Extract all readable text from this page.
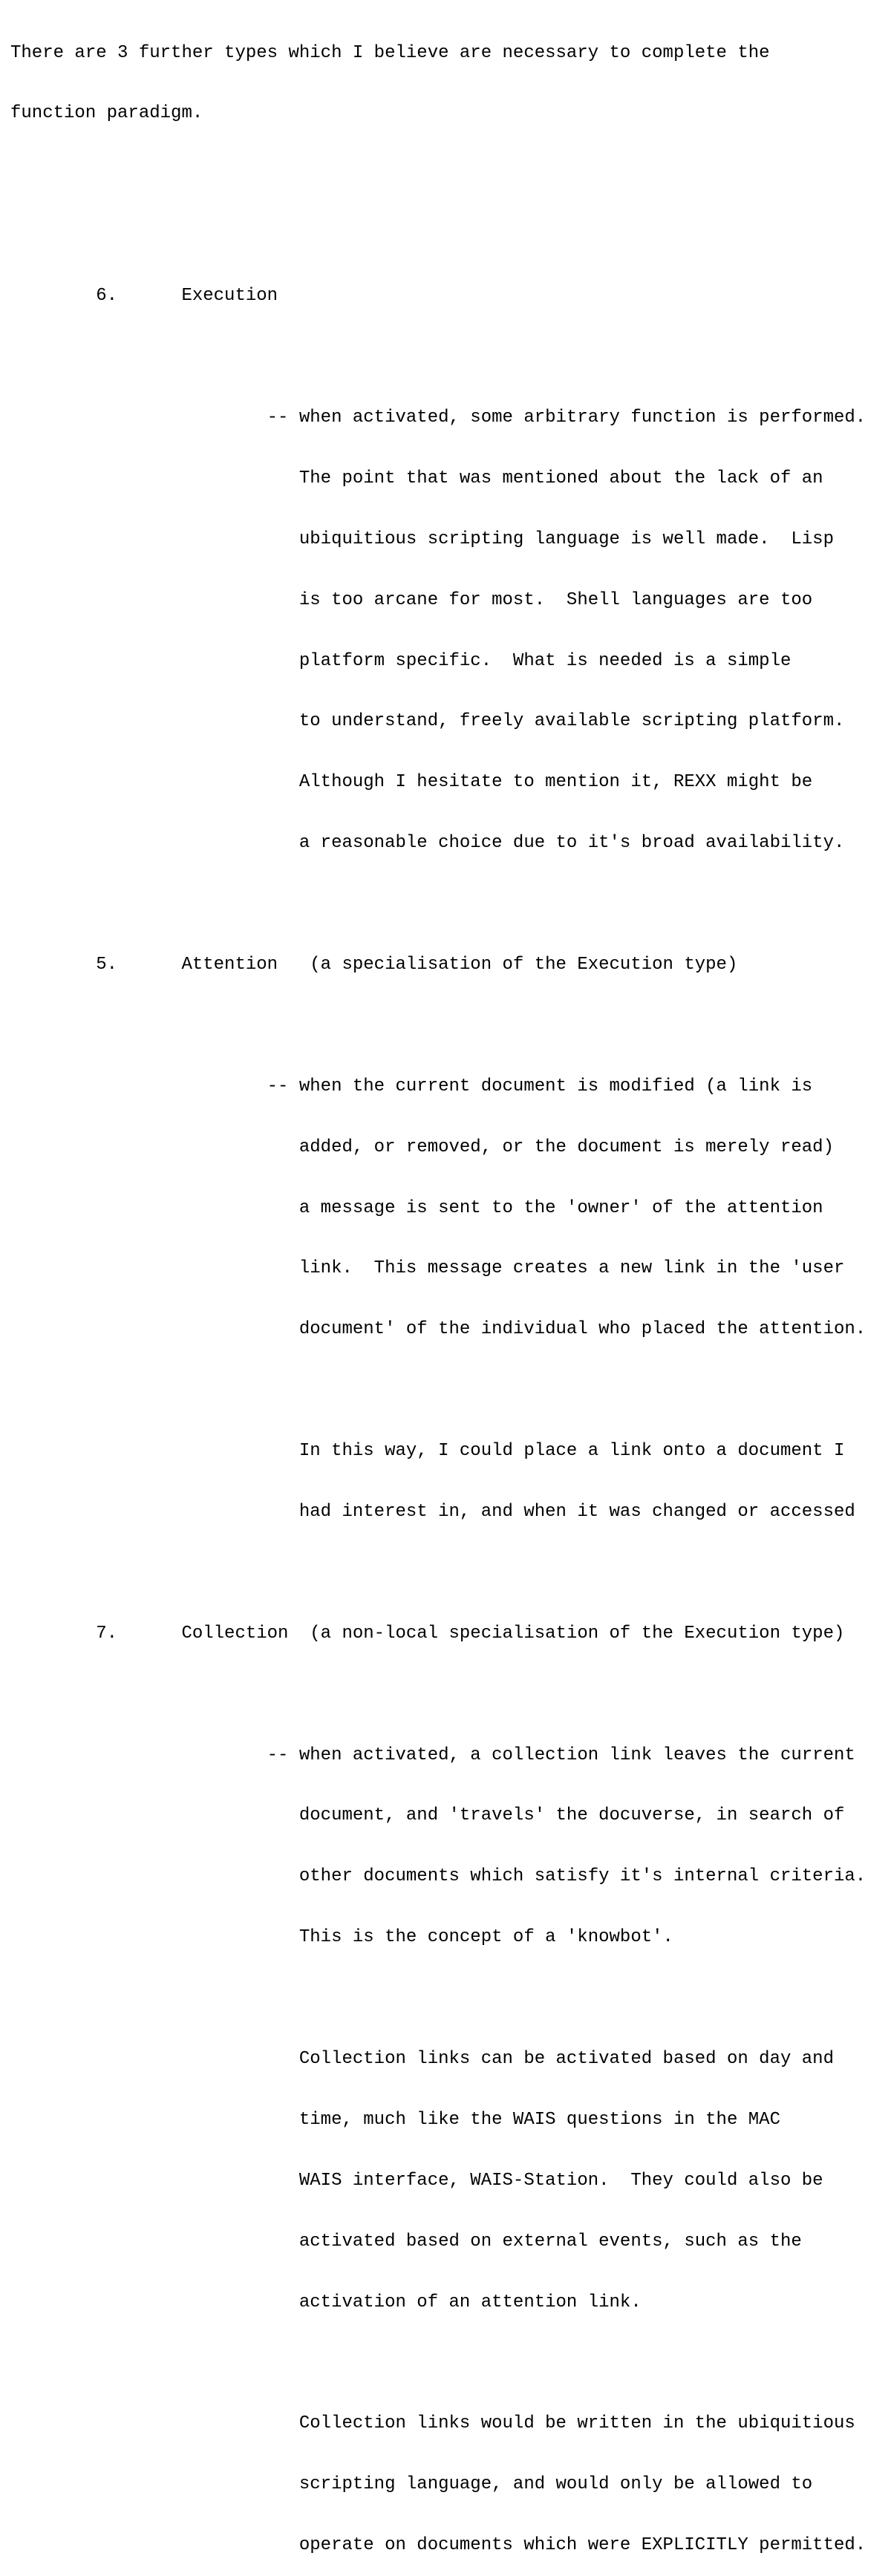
There are 3 further types which I believe are necessary to complete the

function paradigm.

6.      Execution

-- when activated, some arbitrary function is performed.

The point that was mentioned about the lack of an

ubiquitious scripting language is well made.  Lisp

is too arcane for most.  Shell languages are too

platform specific.  What is needed is a simple

to understand, freely available scripting platform.

Although I hesitate to mention it, REXX might be

a reasonable choice due to it's broad availability.

5.      Attention   (a specialisation of the Execution type)

-- when the current document is modified (a link is

added, or removed, or the document is merely read)

a message is sent to the 'owner' of the attention

link.  This message creates a new link in the 'user

document' of the individual who placed the attention.

In this way, I could place a link onto a document I

had interest in, and when it was changed or accessed

7.      Collection  (a non-local specialisation of the Execution type)

-- when activated, a collection link leaves the current

document, and 'travels' the docuverse, in search of

other documents which satisfy it's internal criteria.

This is the concept of a 'knowbot'.

Collection links can be activated based on day and

time, much like the WAIS questions in the MAC

WAIS interface, WAIS-Station.  They could also be

activated based on external events, such as the

activation of an attention link.

Collection links would be written in the ubiquitious

scripting language, and would only be allowed to

operate on documents which were EXPLICITLY permitted.
